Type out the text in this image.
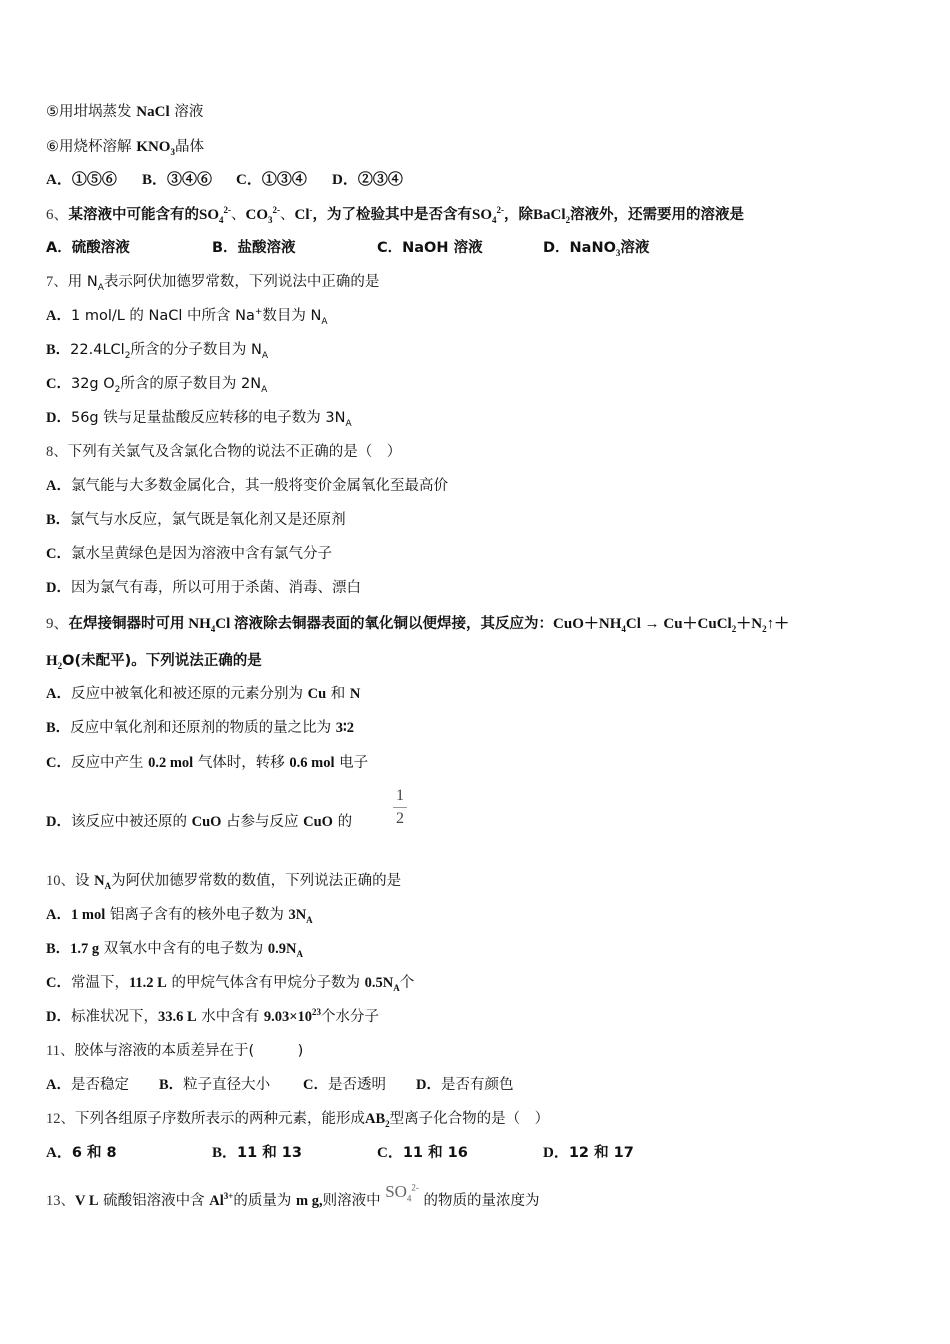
⑤用坩埚蒸发 NaCl 溶液
⑥用烧杯溶解 $KNO_3$晶体
A．①⑤⑥ B．③④⑥ C．①③④ D．②③④
6、某溶液中可能含有的$SO_4^{2-}$、$CO_3^{2-}$、Cl-，为了检验其中是否含有$SO_4^{2-}$，除BaCl$_2$溶液外，还需要用的溶液是
A．硫酸溶液	B．盐酸溶液	C．NaOH 溶液	D．NaNO$_3$溶液
7、用 $N_A$表示阿伏加德罗常数，下列说法中正确的是
A．1 mol/L 的 NaCl 中所含 Na+数目为 $N_A$
B．22.4LCl$_2$所含的分子数目为 $N_A$
C．32g $O_2$所含的原子数目为 $2N_A$
D．56g 铁与足量盐酸反应转移的电子数为 $3N_A$
8、下列有关氯气及含氯化合物的说法不正确的是（　）
A．氯气能与大多数金属化合，其一般将变价金属氧化至最高价
B．氯气与水反应，氯气既是氧化剂又是还原剂
C．氯水呈黄绿色是因为溶液中含有氯气分子
D．因为氯气有毒，所以可用于杀菌、消毒、漂白
9、在焊接铜器时可用 $NH_4Cl$ 溶液除去铜器表面的氧化铜以便焊接，其反应为：$CuO+NH_4Cl$ → $Cu+CuCl_2+N_2↑+$
$H_2O$(未配平)。下列说法正确的是
A．反应中被氧化和被还原的元素分别为 Cu 和 N
B．反应中氧化剂和还原剂的物质的量之比为 3∶2
C．反应中产生 0.2 mol 气体时，转移 0.6 mol 电子
D．该反应中被还原的 CuO 占参与反应 CuO 的
1
2
10、设 $N_A$为阿伏加德罗常数的数值，下列说法正确的是
A．1 mol 铝离子含有的核外电子数为 $3N_A$
B．1.7 g 双氧水中含有的电子数为 $0.9N_A$
C．常温下，11.2 L 的甲烷气体含有甲烷分子数为 $0.5N_A$个
D．标准状况下，33.6 L 水中含有 $9.03\times 10^{23}$个水分子
11、胶体与溶液的本质差异在于(　　　)
A．是否稳定 B．粒子直径大小 C．是否透明 D．是否有颜色
12、下列各组原子序数所表示的两种元素，能形成$AB_2$型离子化合物的是（　）
A．6 和 8	B．11 和 13	C．11 和 16	D．12 和 17
13、V L 硫酸铝溶液中含 $Al^{3+}$的质量为 m g,则溶液中 $SO_4^{2-}$ 的物质的量浓度为
